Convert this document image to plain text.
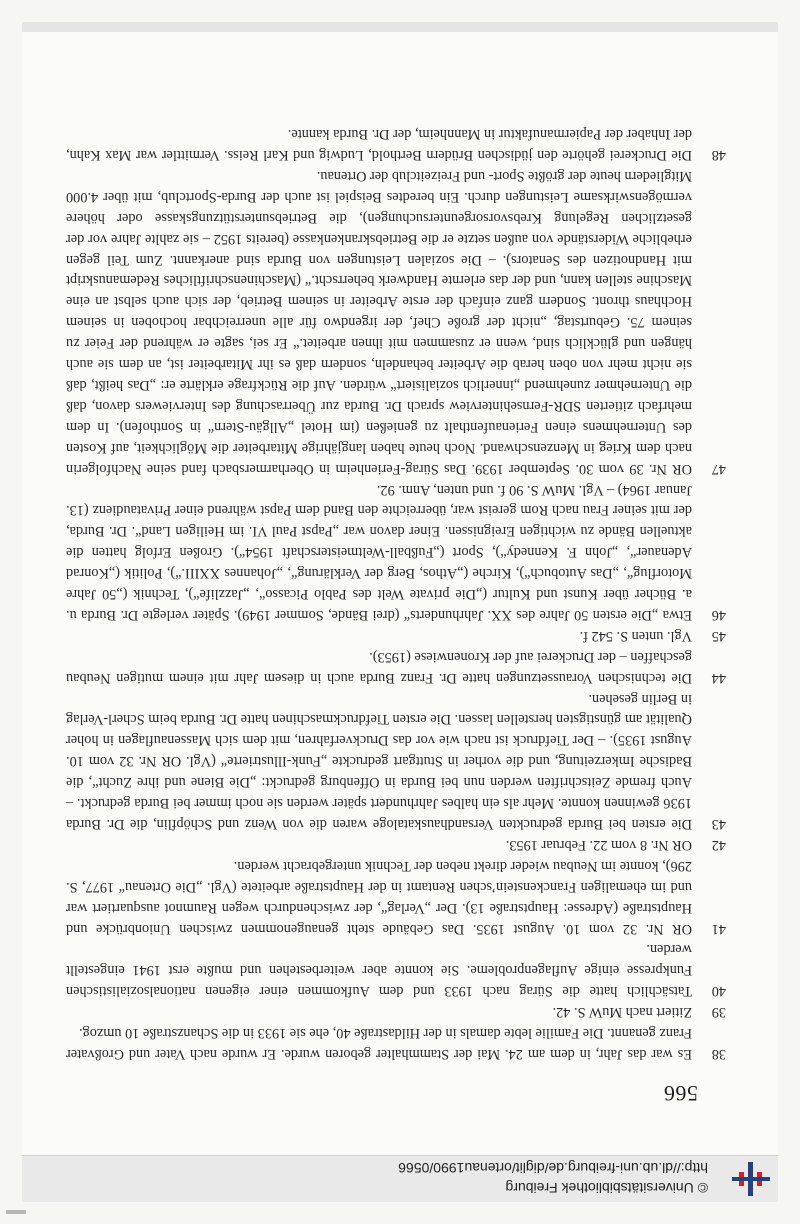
© Universitätsbibliothek Freiburg
http://dl.ub.uni-freiburg.de/diglit/ortenau1990/0566
566
38
Es war das Jahr, in dem am 24. Mai der Stammhalter geboren wurde. Er wurde nach Vater und Großvater Franz genannt. Die Familie lebte damals in der Hildastraße 40, ehe sie 1933 in die Schanzstraße 10 umzog.
39
Zitiert nach MuW S. 42.
40
Tatsächlich hatte die Sürag nach 1933 und dem Aufkommen einer eigenen nationalsozialistischen Funkpresse einige Auflagenprobleme. Sie konnte aber weiterbestehen und mußte erst 1941 eingestellt werden.
41
OR Nr. 32 vom 10. August 1935. Das Gebäude steht genaugenommen zwischen Unionbrücke und Hauptstraße (Adresse: Hauptstraße 13). Der „Verlag“, der zwischendurch wegen Raumnot ausquartiert war und im ehemaligen Franckenstein’schen Rentamt in der Hauptstraße arbeitete (Vgl. „Die Ortenau“ 1977, S. 296), konnte im Neubau wieder direkt neben der Technik untergebracht werden.
42
OR Nr. 8 vom 22. Februar 1953.
43
Die ersten bei Burda gedruckten Versandhauskataloge waren die von Wenz und Schöpflin, die Dr. Burda 1936 gewinnen konnte. Mehr als ein halbes Jahrhundert später werden sie noch immer bei Burda gedruckt. – Auch fremde Zeitschriften werden nun bei Burda in Offenburg gedruckt: „Die Biene und ihre Zucht“, die Badische Imkerzeitung, und die vorher in Stuttgart gedruckte „Funk-Illustrierte“ (Vgl. OR Nr. 32 vom 10. August 1935). – Der Tiefdruck ist nach wie vor das Druckverfahren, mit dem sich Massenauflagen in hoher Qualität am günstigsten herstellen lassen. Die ersten Tiefdruckmaschinen hatte Dr. Burda beim Scherl-Verlag in Berlin gesehen.
44
Die technischen Voraussetzungen hatte Dr. Franz Burda auch in diesem Jahr mit einem mutigen Neubau geschaffen – der Druckerei auf der Kronenwiese (1953).
45
Vgl. unten S. 542 f.
46
Etwa „Die ersten 50 Jahre des XX. Jahrhunderts“ (drei Bände, Sommer 1949). Später verlegte Dr. Burda u. a. Bücher über Kunst und Kultur („Die private Welt des Pablo Picasso“, „Jazzlife“), Technik („50 Jahre Motorflug“, „Das Autobuch“), Kirche („Athos, Berg der Verklärung“, „Johannes XXIII.“), Politik („Konrad Adenauer“, „John F. Kennedy“), Sport („Fußball-Weltmeisterschaft 1954“). Großen Erfolg hatten die aktuellen Bände zu wichtigen Ereignissen. Einer davon war „Papst Paul VI. im Heiligen Land“. Dr. Burda, der mit seiner Frau nach Rom gereist war, überreichte den Band dem Papst während einer Privataudienz (13. Januar 1964) – Vgl. MuW S. 90 f. und unten, Anm. 92.
47
OR Nr. 39 vom 30. September 1939. Das Sürag-Ferienheim in Oberharmersbach fand seine Nachfolgerin nach dem Krieg in Menzenschwand. Noch heute haben langjährige Mitarbeiter die Möglichkeit, auf Kosten des Unternehmens einen Ferienaufenthalt zu genießen (im Hotel „Allgäu-Stern“ in Sonthofen). In dem mehrfach zitierten SDR-Fernsehinterview sprach Dr. Burda zur Überraschung des Interviewers davon, daß die Unternehmer zunehmend „innerlich sozialisiert“ würden. Auf die Rückfrage erklärte er: „Das heißt, daß sie nicht mehr von oben herab die Arbeiter behandeln, sondern daß es ihr Mitarbeiter ist, an dem sie auch hängen und glücklich sind, wenn er zusammen mit ihnen arbeitet.“ Er sei, sagte er während der Feier zu seinem 75. Geburtstag, „nicht der große Chef, der irgendwo für alle unerreichbar hochoben in seinem Hochhaus thront. Sondern ganz einfach der erste Arbeiter in seinem Betrieb, der sich auch selbst an eine Maschine stellen kann, und der das erlernte Handwerk beherrscht.“ (Maschinenschriftliches Redemanuskript mit Handnotizen des Senators). – Die sozialen Leistungen von Burda sind anerkannt. Zum Teil gegen erhebliche Widerstände von außen setzte er die Betriebskrankenkasse (bereits 1952 – sie zahlte Jahre vor der gesetzlichen Regelung Krebsvorsorgeuntersuchungen), die Betriebsunterstützungskasse oder höhere vermögenswirksame Leistungen durch. Ein beredtes Beispiel ist auch der Burda-Sportclub, mit über 4.000 Mitgliedern heute der größte Sport- und Freizeitclub der Ortenau.
48
Die Druckerei gehörte den jüdischen Brüdern Berthold, Ludwig und Karl Reiss. Vermittler war Max Kahn, der Inhaber der Papiermanufaktur in Mannheim, der Dr. Burda kannte.
